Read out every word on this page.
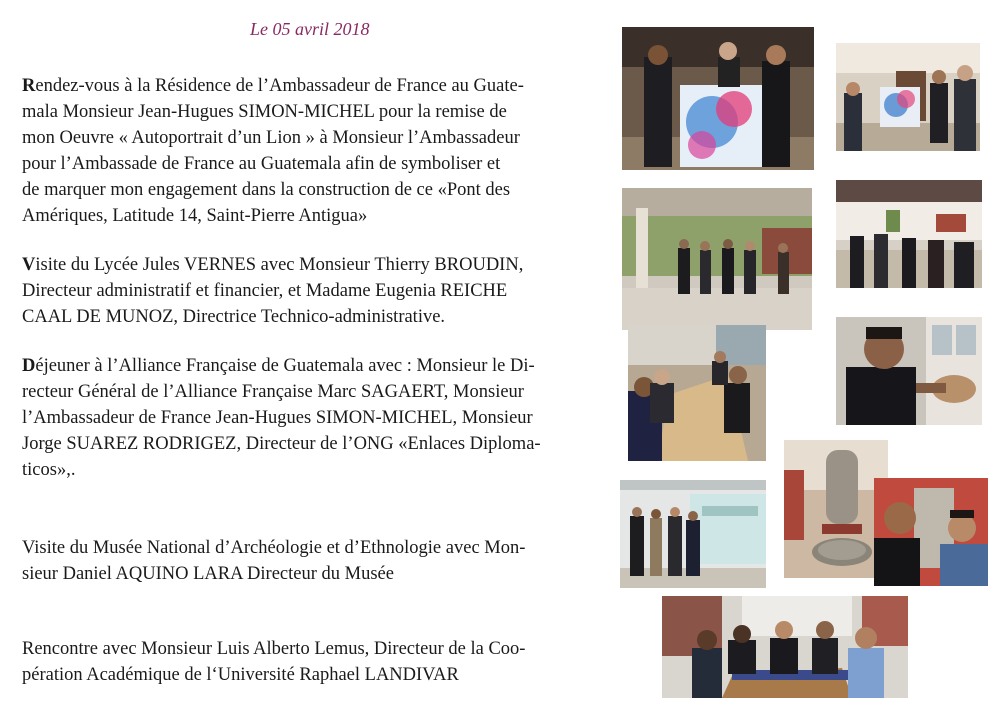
Le 05 avril 2018
Rendez-vous à la Résidence de l’Ambassadeur de France au Guate-
mala Monsieur Jean-Hugues SIMON-MICHEL pour la remise de
mon Oeuvre « Autoportrait d’un Lion » à Monsieur l’Ambassadeur
pour l’Ambassade de France au Guatemala afin de symboliser et
de marquer mon engagement dans la construction de ce «Pont des
Amériques, Latitude 14, Saint-Pierre Antigua»
Visite du Lycée Jules VERNES avec Monsieur Thierry BROUDIN,
Directeur administratif et financier, et Madame Eugenia REICHE
CAAL DE MUNOZ, Directrice Technico-administrative.
Déjeuner à l’Alliance Française de Guatemala avec : Monsieur le Di-
recteur Général de l’Alliance Française Marc SAGAERT, Monsieur
l’Ambassadeur de France Jean-Hugues SIMON-MICHEL, Monsieur
Jorge SUAREZ RODRIGEZ, Directeur de l’ONG «Enlaces Diploma-
ticos»,.
Visite du Musée National d’Archéologie et d’Ethnologie avec Mon-
sieur Daniel AQUINO LARA Directeur du Musée
Rencontre avec Monsieur Luis Alberto Lemus, Directeur de la Coo-
pération Académique de l‘Université Raphael LANDIVAR
